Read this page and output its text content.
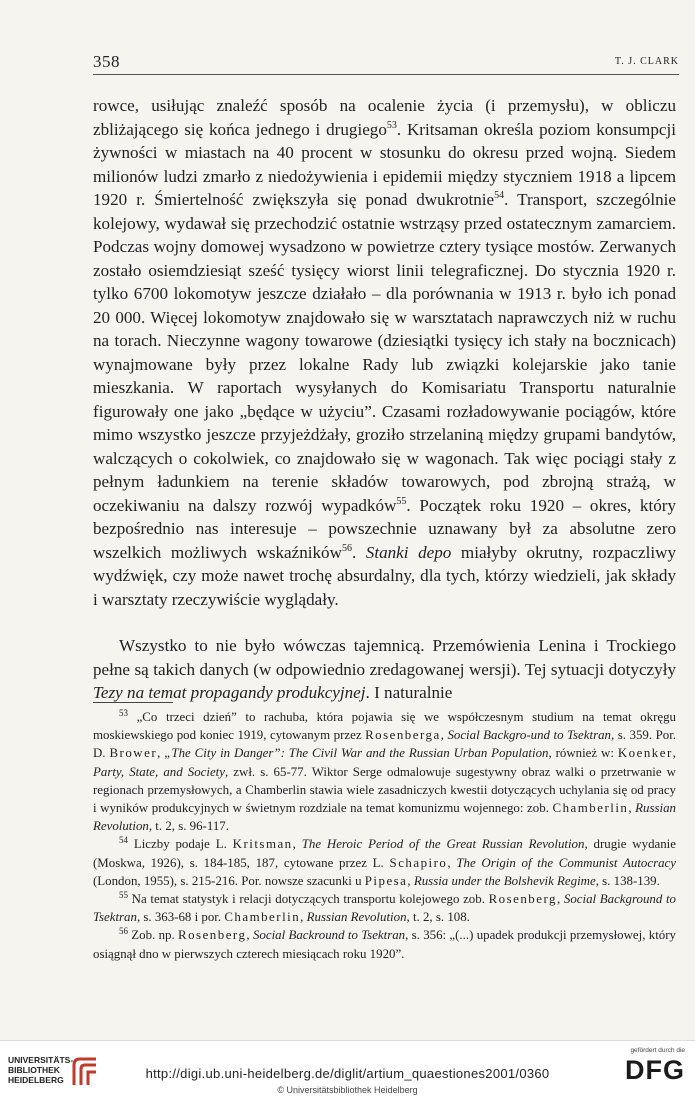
358	T. J. CLARK

rowce, usiłując znaleźć sposób na ocalenie życia (i przemysłu), w obliczu zbliżającego się końca jednego i drugiego$^{53}$. Kritsaman określa poziom konsumpcji żywności w miastach na 40 procent w stosunku do okresu przed wojną. Siedem milionów ludzi zmarło z niedożywienia i epidemii między styczniem 1918 a lipcem 1920 r. Śmiertelność zwiększyła się ponad dwukrotnie$^{54}$. Transport, szczególnie kolejowy, wydawał się przechodzić ostatnie wstrząsy przed ostatecznym zamarciem. Podczas wojny domowej wysadzono w powietrze cztery tysiące mostów. Zerwanych zostało osiemdziesiąt sześć tysięcy wiorst linii telegraficznej. Do stycznia 1920 r. tylko 6700 lokomotyw jeszcze działało – dla porównania w 1913 r. było ich ponad 20 000. Więcej lokomotyw znajdowało się w warsztatach naprawczych niż w ruchu na torach. Nieczynne wagony towarowe (dziesiątki tysięcy ich stały na bocznicach) wynajmowane były przez lokalne Rady lub związki kolejarskie jako tanie mieszkania. W raportach wysyłanych do Komisariatu Transportu naturalnie figurowały one jako „będące w użyciu”. Czasami rozładowywanie pociągów, które mimo wszystko jeszcze przyjeżdżały, groziło strzelaniną między grupami bandytów, walczących o cokolwiek, co znajdowało się w wagonach. Tak więc pociągi stały z pełnym ładunkiem na terenie składów towarowych, pod zbrojną strażą, w oczekiwaniu na dalszy rozwój wypadków$^{55}$. Początek roku 1920 – okres, który bezpośrednio nas interesuje – powszechnie uznawany był za absolutne zero wszelkich możliwych wskaźników$^{56}$. Stanki depo miałyby okrutny, rozpaczliwy wydźwięk, czy może nawet trochę absurdalny, dla tych, którzy wiedzieli, jak składy i warsztaty rzeczywiście wyglądały.

Wszystko to nie było wówczas tajemnicą. Przemówienia Lenina i Trockiego pełne są takich danych (w odpowiednio zredagowanej wersji). Tej sytuacji dotyczyły Tezy na temat propagandy produkcyjnej. I naturalnie

$^{53}$ „Co trzeci dzień” to rachuba, która pojawia się we współczesnym studium na temat okręgu moskiewskiego pod koniec 1919, cytowanym przez Rosenberga, Social Backgro-und to Tsektran, s. 359. Por. D. Brower, „The City in Danger”: The Civil War and the Russian Urban Population, również w: Koenker, Party, State, and Society, zwł. s. 65-77. Wiktor Serge odmalowuje sugestywny obraz walki o przetrwanie w regionach przemysłowych, a Chamberlin stawia wiele zasadniczych kwestii dotyczących uchylania się od pracy i wyników produkcyjnych w świetnym rozdziale na temat komunizmu wojennego: zob. Chamberlin, Russian Revolution, t. 2, s. 96-117.

$^{54}$ Liczby podaje L. Kritsman, The Heroic Period of the Great Russian Revolution, drugie wydanie (Moskwa, 1926), s. 184-185, 187, cytowane przez L. Schapiro, The Origin of the Communist Autocracy (London, 1955), s. 215-216. Por. nowsze szacunki u Pipesa, Russia under the Bolshevik Regime, s. 138-139.

$^{55}$ Na temat statystyk i relacji dotyczących transportu kolejowego zob. Rosenberg, Social Background to Tsektran, s. 363-68 i por. Chamberlin, Russian Revolution, t. 2, s. 108.

$^{56}$ Zob. np. Rosenberg, Social Backround to Tsektran, s. 356: „(...) upadek produkcji przemysłowej, który osiągnął dno w pierwszych czterech miesiącach roku 1920”.

UNIVERSITÄTS-
BIBLIOTHEK
HEIDELBERG	http://digi.ub.uni-heidelberg.de/diglit/artium_quaestiones2001/0360
© Universitätsbibliothek Heidelberg
gefördert durch die
DFG
